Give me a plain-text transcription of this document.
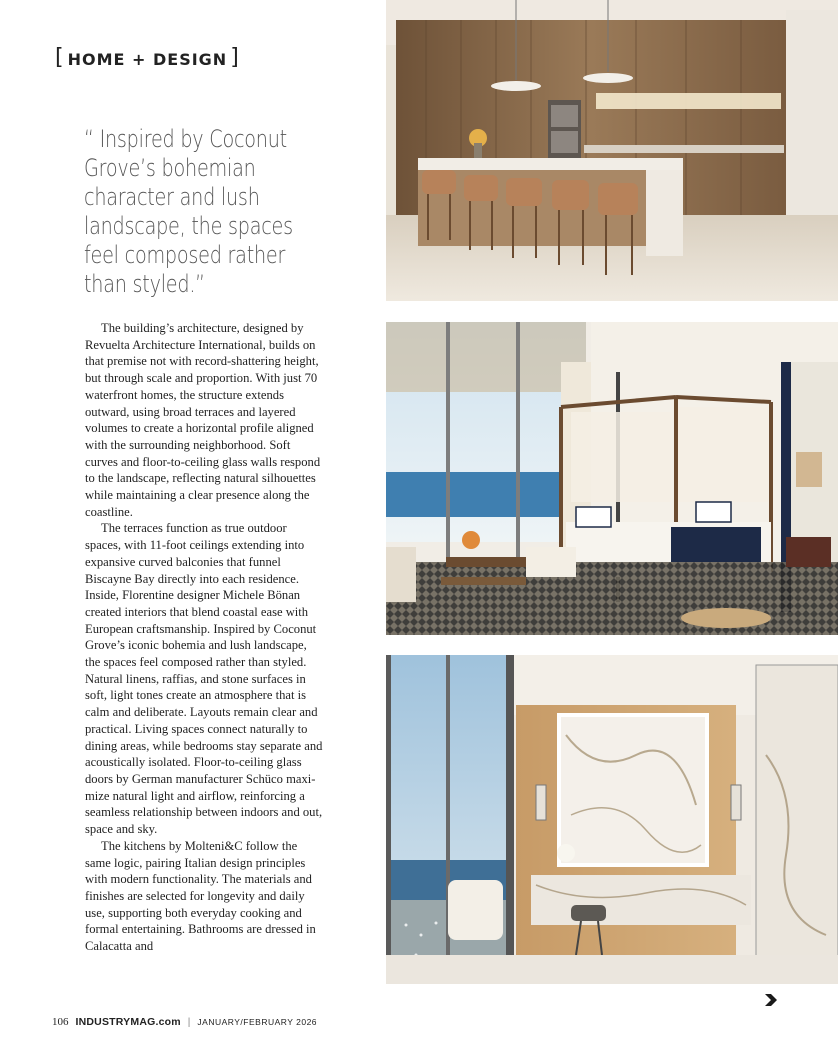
[ HOME + DESIGN ]
“ Inspired by Coconut Grove’s bohemian character and lush landscape, the spaces feel composed rather than styled.”

The building’s architecture, designed by Revuelta Architecture International, builds on that premise not with record-shattering height, but through scale and proportion. With just 70 waterfront homes, the structure extends outward, using broad terraces and layered volumes to create a horizontal profile aligned with the surrounding neighborhood. Soft curves and floor-to-ceiling glass walls respond to the landscape, reflecting natural silhouettes while maintaining a clear presence along the coastline.

The terraces function as true outdoor spaces, with 11-foot ceilings extending into expansive curved balconies that funnel Biscayne Bay directly into each residence. Inside, Florentine designer Michele Bönan created interiors that blend coastal ease with European craftsmanship. Inspired by Coconut Grove’s iconic bohemia and lush landscape, the spaces feel composed rather than styled. Natural linens, raffias, and stone surfaces in soft, light tones create an atmosphere that is calm and deliberate. Layouts remain clear and practical. Living spaces connect naturally to dining areas, while bedrooms stay separate and acoustically isolated. Floor-to-ceiling glass doors by German manufacturer Schüco maximize natural light and airflow, reinforcing a seamless relationship between indoors and out, space and sky.

The kitchens by Molteni&C follow the same logic, pairing Italian design principles with modern functionality. The materials and finishes are selected for longevity and daily use, supporting both everyday cooking and formal entertaining. Bathrooms are dressed in Calacatta and

106 INDUSTRYMAG.com | JANUARY/FEBRUARY 2026
